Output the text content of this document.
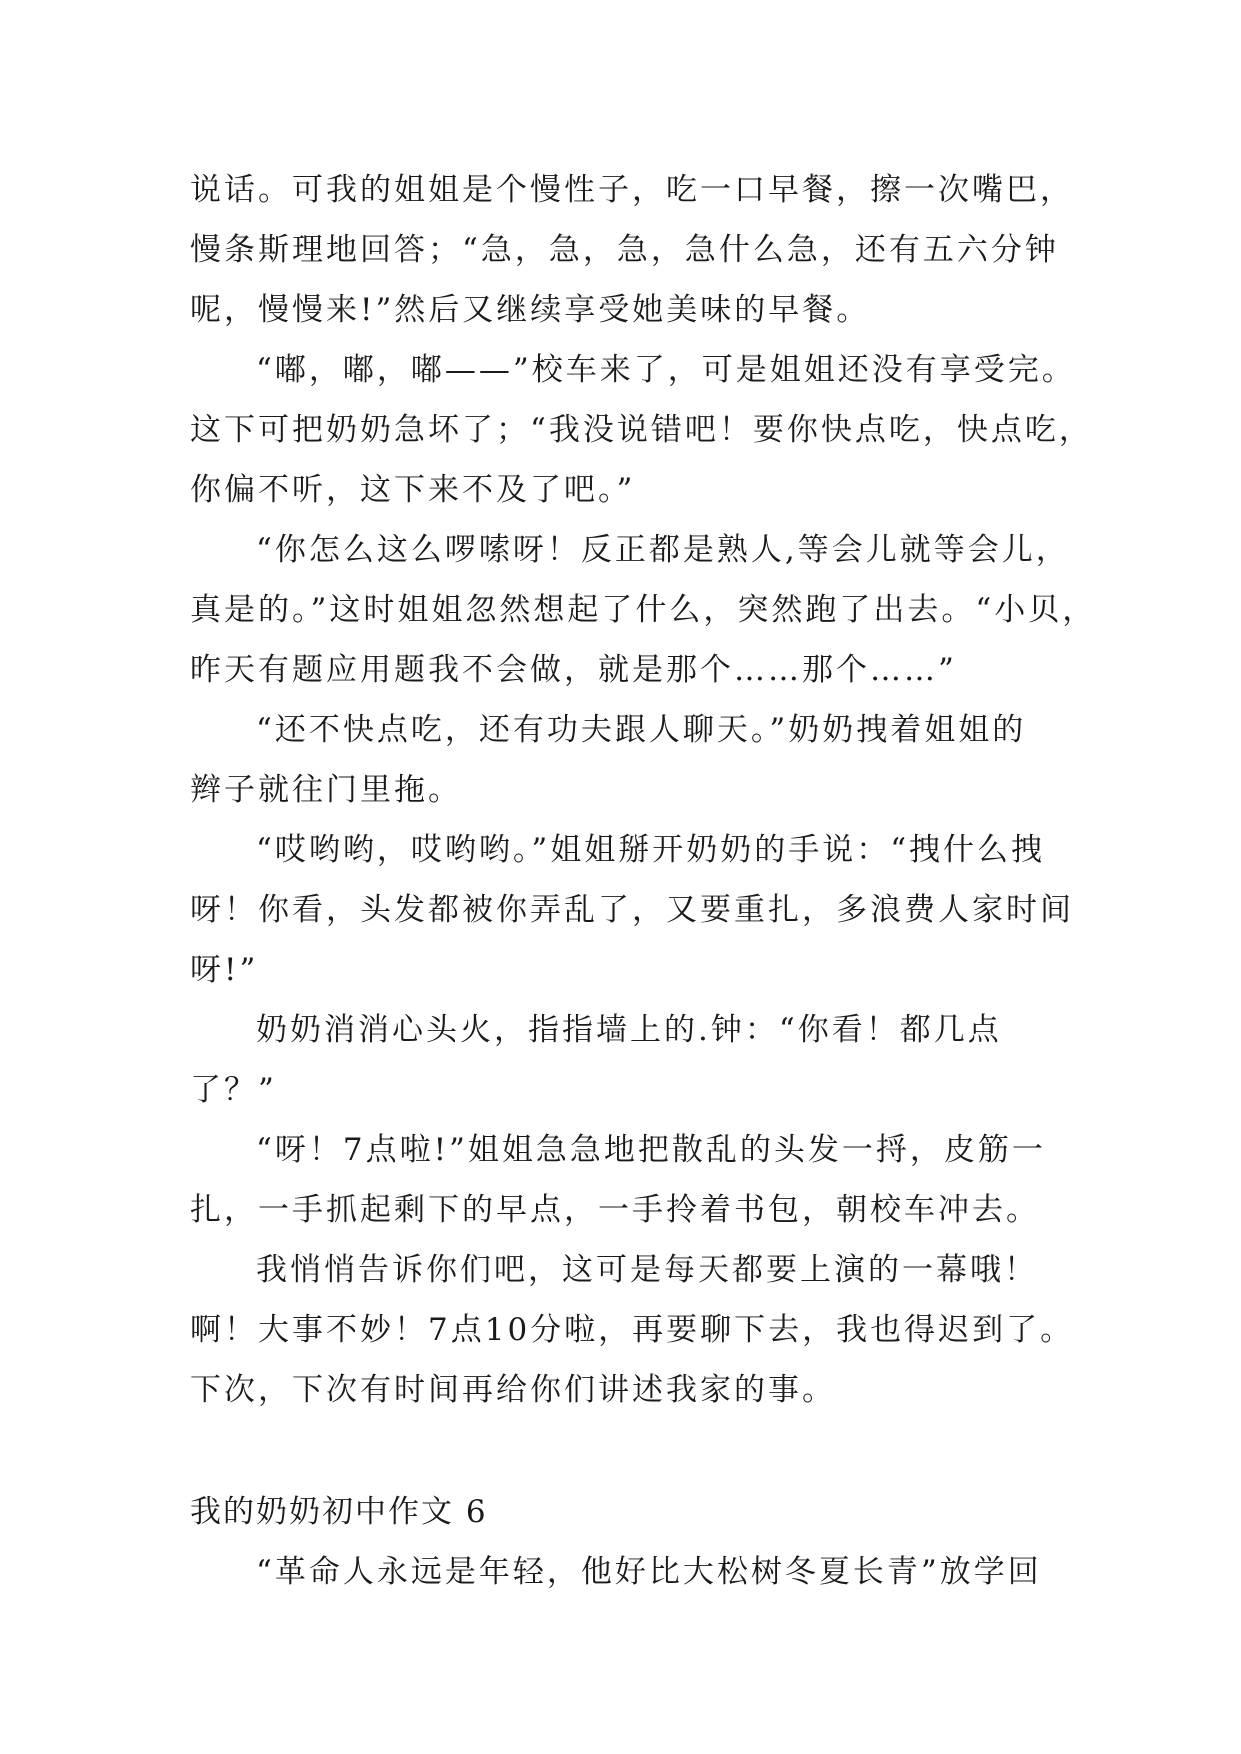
说话。可我的姐姐是个慢性子，吃一口早餐，擦一次嘴巴，
慢条斯理地回答；“急，急，急，急什么急，还有五六分钟
呢，慢慢来!”然后又继续享受她美味的早餐。
“嘟，嘟，嘟——”校车来了，可是姐姐还没有享受完。
这下可把奶奶急坏了；“我没说错吧！要你快点吃，快点吃，
你偏不听，这下来不及了吧。”
“你怎么这么啰嗦呀！反正都是熟人,等会儿就等会儿，
真是的。”这时姐姐忽然想起了什么，突然跑了出去。“小贝，
昨天有题应用题我不会做，就是那个……那个……”
“还不快点吃，还有功夫跟人聊天。”奶奶拽着姐姐的
辫子就往门里拖。
“哎哟哟，哎哟哟。”姐姐掰开奶奶的手说：“拽什么拽
呀！你看，头发都被你弄乱了，又要重扎，多浪费人家时间
呀!”
奶奶消消心头火，指指墙上的.钟：“你看！都几点
了？”
“呀！7点啦!”姐姐急急地把散乱的头发一捋，皮筋一
扎，一手抓起剩下的早点，一手拎着书包，朝校车冲去。
我悄悄告诉你们吧，这可是每天都要上演的一幕哦！
啊！大事不妙！7点10分啦，再要聊下去，我也得迟到了。
下次，下次有时间再给你们讲述我家的事。
我的奶奶初中作文 6
“革命人永远是年轻，他好比大松树冬夏长青”放学回
